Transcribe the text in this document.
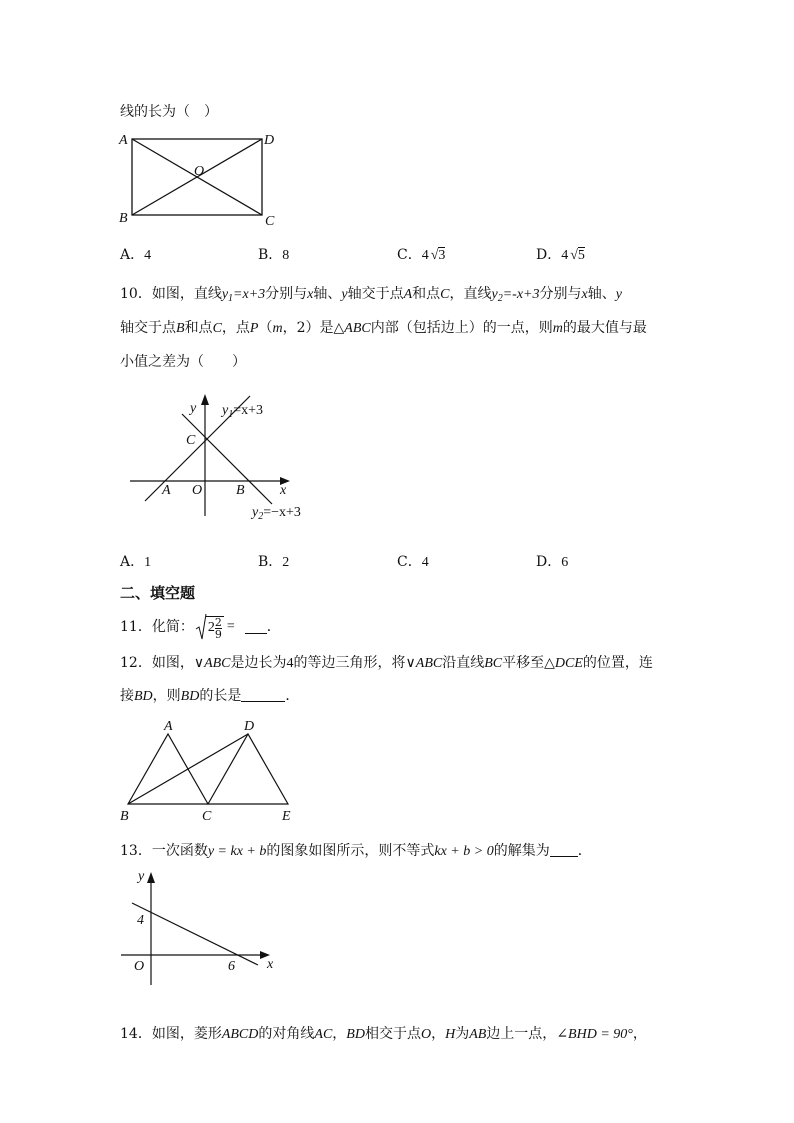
线的长为（　）
A	D
O
B	C
A．4	B．8	C．4 √3	D．4 √5
10．如图，直线$y_1=x+3$分别与x轴、y轴交于点A和点C，直线$y_2=-x+3$分别与x轴、y
轴交于点B和点C，点P（m，2）是△ABC内部（包括边上）的一点，则m的最大值与最
小值之差为（　　）
y $y_1=x+3$
C
A O B	x
$y_2=-x+3$
A．1	B．2	C．4	D．6
二、填空题
11． 化简： $2 \frac{2}{9}$ = ．
12．如图，∨ABC是边长为4的等边三角形，将∨ABC沿直线BC平移至△DCE的位置，连
接BD，则BD的长是	．
A	D
B	C	E
13．一次函数y = kx + b的图象如图所示，则不等式kx + b > 0的解集为 ．
y
4
O	6 x
14．如图，菱形ABCD的对角线AC，BD相交于点O，H为AB边上一点，∠BHD = 90°，
